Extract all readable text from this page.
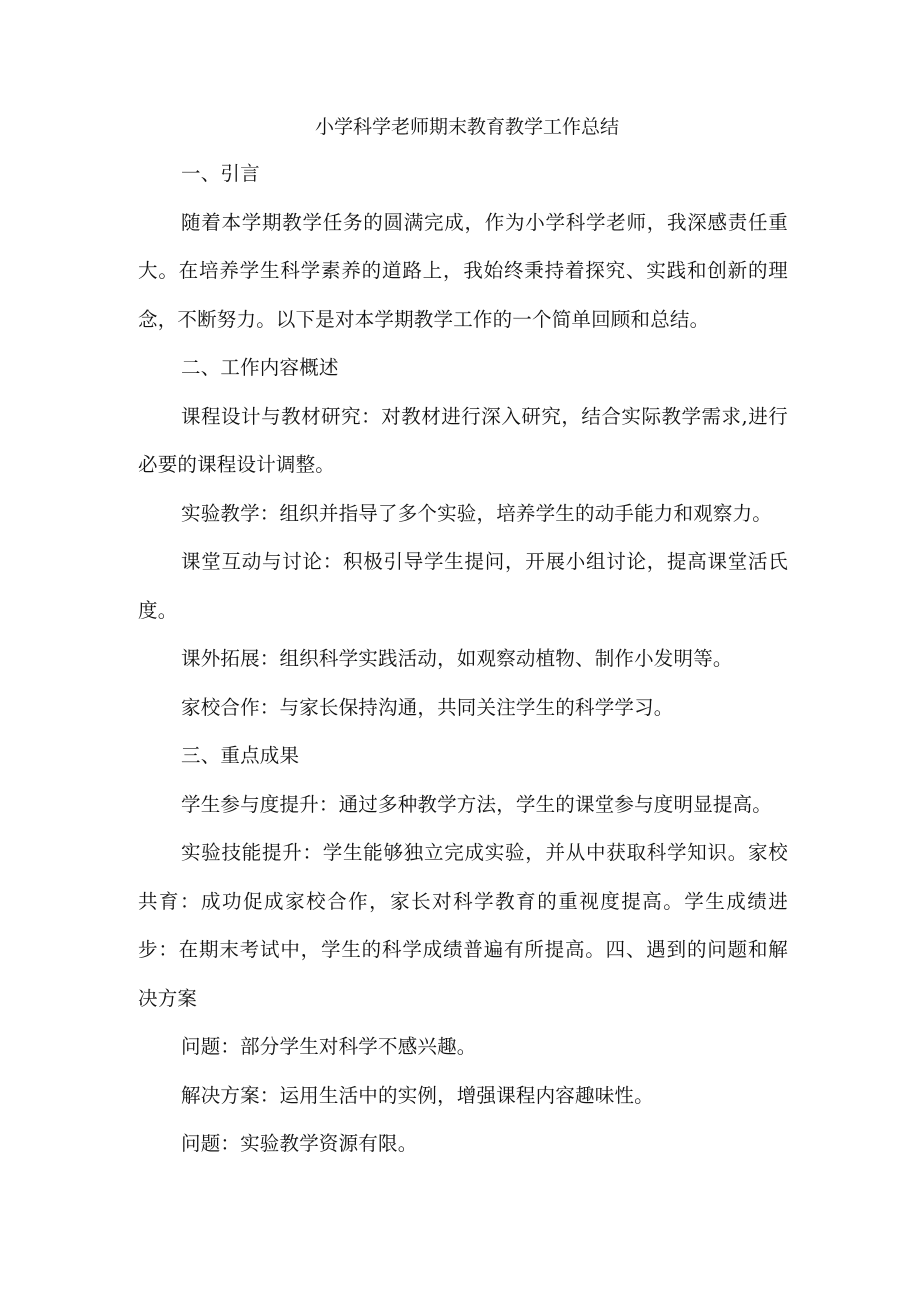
小学科学老师期末教育教学工作总结

一、引言

随着本学期教学任务的圆满完成，作为小学科学老师，我深感责任重大。在培养学生科学素养的道路上，我始终秉持着探究、实践和创新的理念，不断努力。以下是对本学期教学工作的一个简单回顾和总结。

二、工作内容概述

课程设计与教材研究：对教材进行深入研究，结合实际教学需求,进行必要的课程设计调整。

实验教学：组织并指导了多个实验，培养学生的动手能力和观察力。

课堂互动与讨论：积极引导学生提问，开展小组讨论，提高课堂活氏度。

课外拓展：组织科学实践活动，如观察动植物、制作小发明等。

家校合作：与家长保持沟通，共同关注学生的科学学习。

三、重点成果

学生参与度提升：通过多种教学方法，学生的课堂参与度明显提高。

实验技能提升：学生能够独立完成实验，并从中获取科学知识。家校共育：成功促成家校合作，家长对科学教育的重视度提高。学生成绩进步：在期末考试中，学生的科学成绩普遍有所提高。四、遇到的问题和解决方案

问题：部分学生对科学不感兴趣。

解决方案：运用生活中的实例，增强课程内容趣味性。

问题：实验教学资源有限。
